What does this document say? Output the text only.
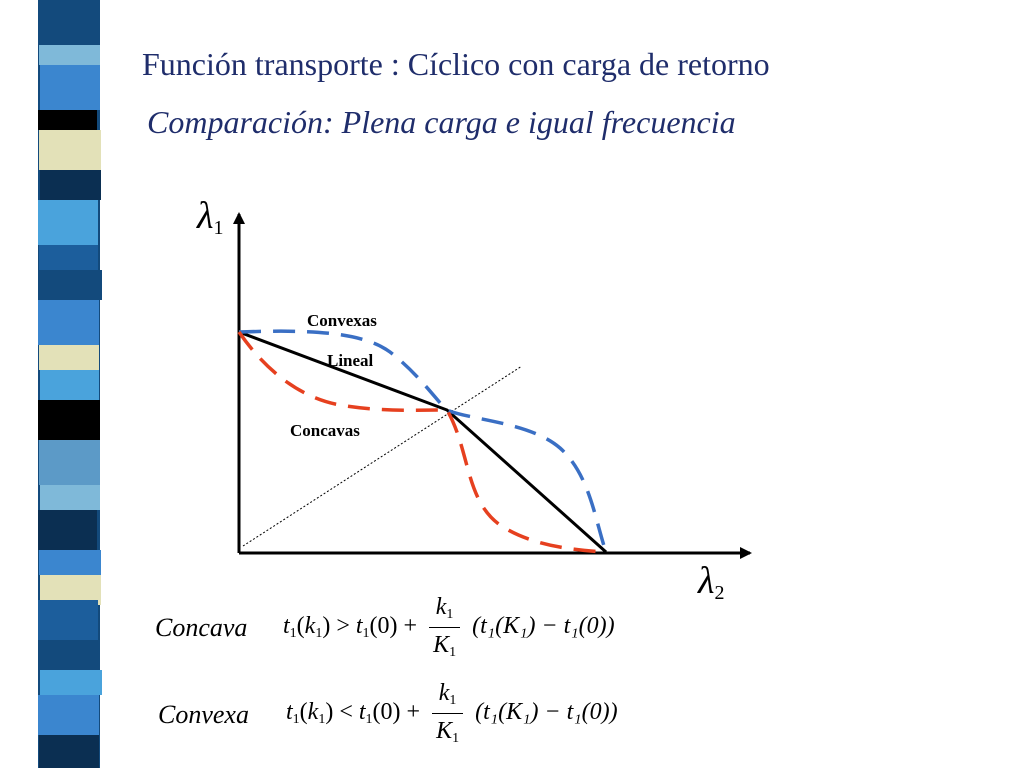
Función transporte : Cíclico con carga de retorno
Comparación: Plena carga e igual frecuencia
λ1
λ2
Convexas
Lineal
Concavas
Concava $t_1(k_1) > t_1(0) + \frac{k_1}{K_1} (t_1(K_1) - t_1(0))$
Convexa $t_1(k_1) < t_1(0) + \frac{k_1}{K_1} (t_1(K_1) - t_1(0))$
